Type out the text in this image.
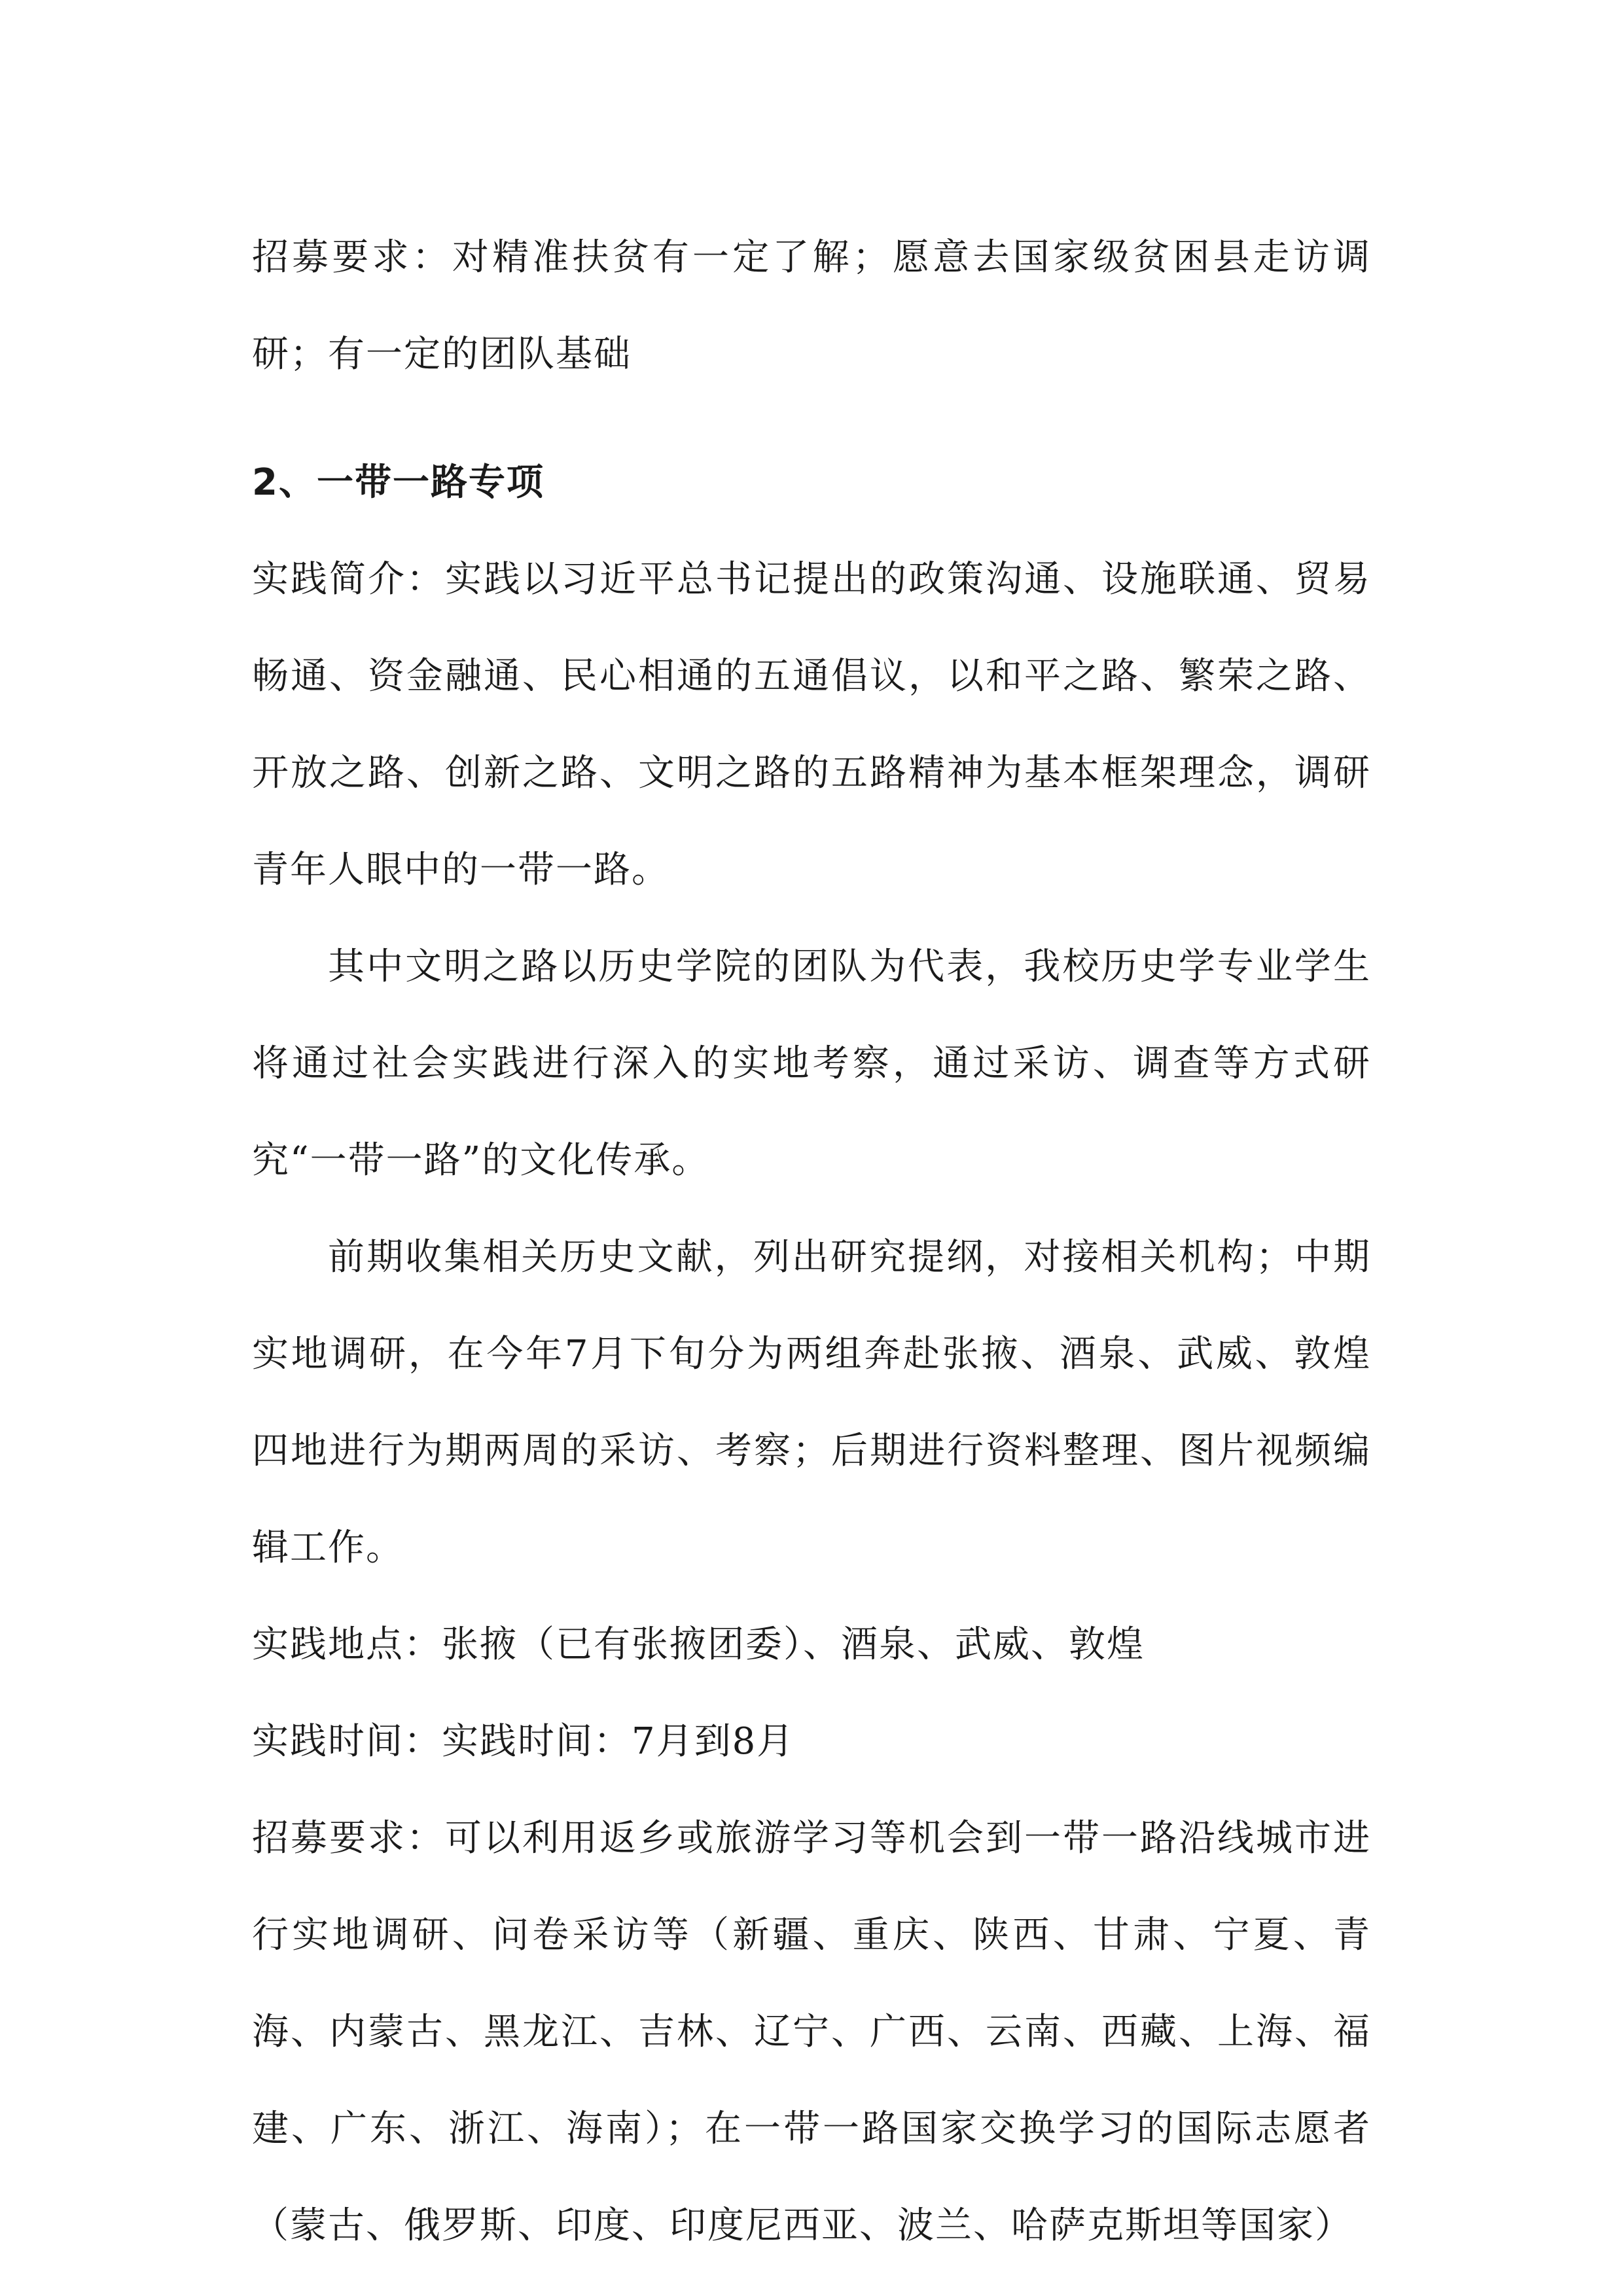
招募要求：对精准扶贫有一定了解；愿意去国家级贫困县走访调研；有一定的团队基础

2、一带一路专项

实践简介：实践以习近平总书记提出的政策沟通、设施联通、贸易畅通、资金融通、民心相通的五通倡议，以和平之路、繁荣之路、开放之路、创新之路、文明之路的五路精神为基本框架理念，调研青年人眼中的一带一路。

其中文明之路以历史学院的团队为代表，我校历史学专业学生将通过社会实践进行深入的实地考察，通过采访、调查等方式研究“一带一路”的文化传承。

前期收集相关历史文献，列出研究提纲，对接相关机构；中期实地调研，在今年7月下旬分为两组奔赴张掖、酒泉、武威、敦煌四地进行为期两周的采访、考察；后期进行资料整理、图片视频编辑工作。

实践地点：张掖（已有张掖团委）、酒泉、武威、敦煌

实践时间：实践时间：7月到8月

招募要求：可以利用返乡或旅游学习等机会到一带一路沿线城市进行实地调研、问卷采访等（新疆、重庆、陕西、甘肃、宁夏、青海、内蒙古、黑龙江、吉林、辽宁、广西、云南、西藏、上海、福建、广东、浙江、海南）；在一带一路国家交换学习的国际志愿者（蒙古、俄罗斯、印度、印度尼西亚、波兰、哈萨克斯坦等国家）
